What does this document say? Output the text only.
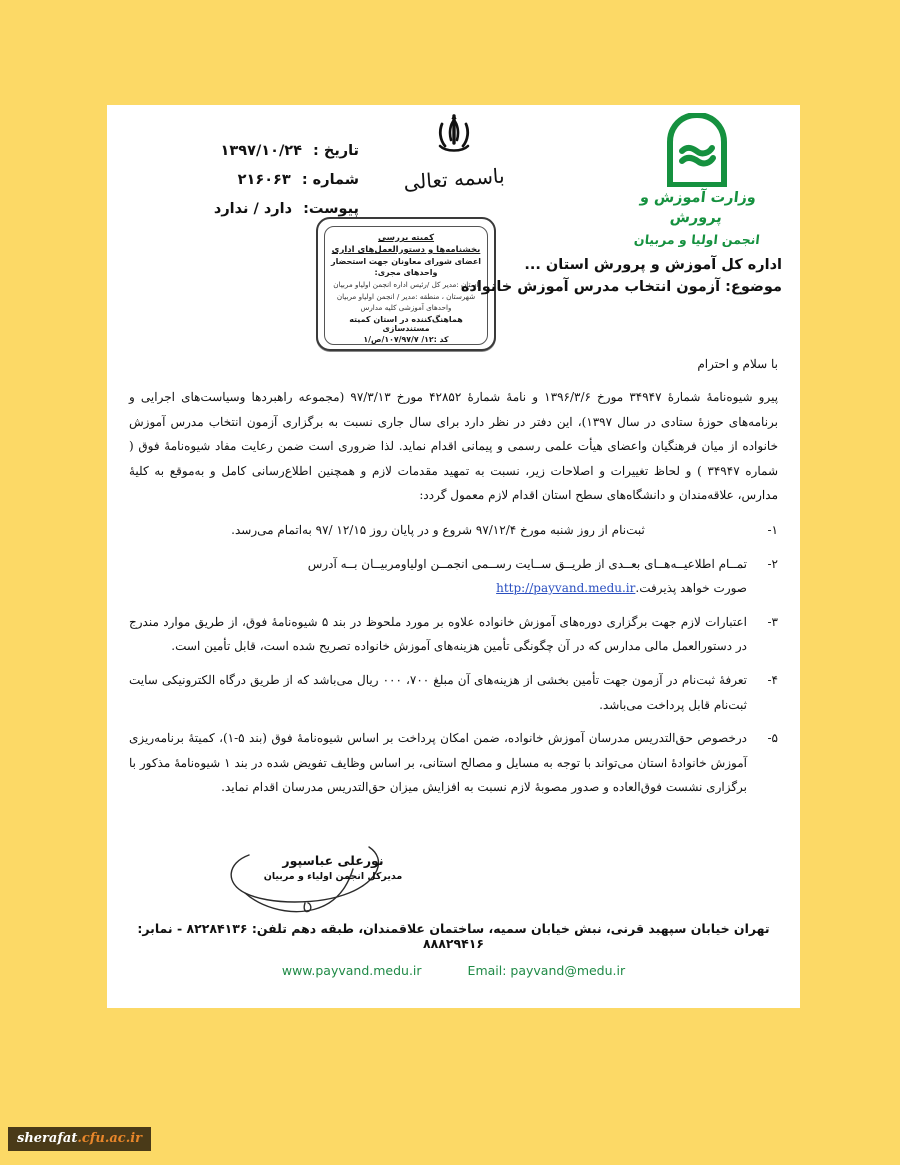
وزارت آموزش و پرورش
انجمن اولیا و مربیان
باسمه تعالی
تاریخ : ۱۳۹۷/۱۰/۲۴
شماره : ۲۱۶۰۶۳
پیوست: دارد / ندارد
کمیته بررسی
بخشنامه‌ها و دستورالعمل‌های اداری
اعضای شورای معاونان جهت استحضار
واحدهای مجری:
استان :مدیر کل /رئیس اداره انجمن اولیاو مربیان
شهرستان ، منطقه :مدیر / انجمن اولیاو مربیان
واحدهای آموزشی کلیه مدارس
هماهنگ‌کننده در استان کمیته مستندسازی
کد :۱۲/ ۱۰۷/۹۷/۷/ص/۱
اداره کل آموزش و پرورش استان ...
موضوع: آزمون انتخاب مدرس آموزش خانواده
با سلام و احترام
پیرو شیوه‌نامهٔ شمارهٔ ۳۴۹۴۷ مورخ ۱۳۹۶/۳/۶ و نامهٔ شمارهٔ ۴۲۸۵۲ مورخ ۹۷/۳/۱۳ (مجموعه راهبردها وسیاست‌های اجرایی و برنامه‌های حوزهٔ ستادی در سال ۱۳۹۷)، این دفتر در نظر دارد برای سال جاری نسبت به برگزاری آزمون انتخاب مدرس آموزش خانواده از میان فرهنگیان واعضای هیأت علمی رسمی و پیمانی اقدام نماید. لذا ضروری است ضمن رعایت مفاد شیوه‌نامهٔ فوق ( شماره ۳۴۹۴۷ ) و لحاظ تغییرات و اصلاحات زیر، نسبت به تمهید مقدمات لازم و همچنین اطلاع‌رسانی کامل و به‌موقع به کلیهٔ مدارس، علاقه‌مندان و دانشگاه‌های سطح استان اقدام لازم معمول گردد:
۱-
ثبت‌نام از روز شنبه مورخ ۹۷/۱۲/۴ شروع و در پایان روز ۱۲/۱۵ /۹۷ به‌اتمام می‌رسد.
۲-
تمــام اطلاعیــه‌هــای بعــدی از طریــق ســایت رســمی انجمــن اولیاومربیــان بــه آدرس
صورت خواهد پذیرفت.http://payvand.medu.ir
۳-
اعتبارات لازم جهت برگزاری دوره‌های آموزش خانواده علاوه بر مورد ملحوظ در بند ۵ شیوه‌نامهٔ فوق، از طریق موارد مندرج در دستورالعمل مالی مدارس که در آن چگونگی تأمین هزینه‌های آموزش خانواده تصریح شده است، قابل تأمین است.
۴-
تعرفهٔ ثبت‌نام در آزمون جهت تأمین بخشی از هزینه‌های آن مبلغ ۷۰۰، ۰۰۰ ریال می‌باشد که از طریق درگاه الکترونیکی سایت ثبت‌نام قابل پرداخت می‌باشد.
۵-
درخصوص حق‌التدریس مدرسان آموزش خانواده، ضمن امکان پرداخت بر اساس شیوه‌نامهٔ فوق (بند ۵-۱)، کمیتهٔ برنامه‌ریزی آموزش خانوادهٔ استان می‌تواند با توجه به مسایل و مصالح استانی، بر اساس وظایف تفویض شده در بند ۱ شیوه‌نامهٔ مذکور با برگزاری نشست فوق‌العاده و صدور مصوبهٔ لازم نسبت به افزایش میزان حق‌التدریس مدرسان اقدام نماید.
نورعلی عباسپور
مدیرکل انجمن اولیاء و مربیان
تهران خیابان سپهبد قرنی، نبش خیابان سمیه، ساختمان علاقمندان، طبقه دهم تلفن: ۸۲۲۸۴۱۳۶ - نمابر: ۸۸۸۲۹۴۱۶
www.payvand.medu.ir	Email: payvand@medu.ir
sherafat.cfu.ac.ir
